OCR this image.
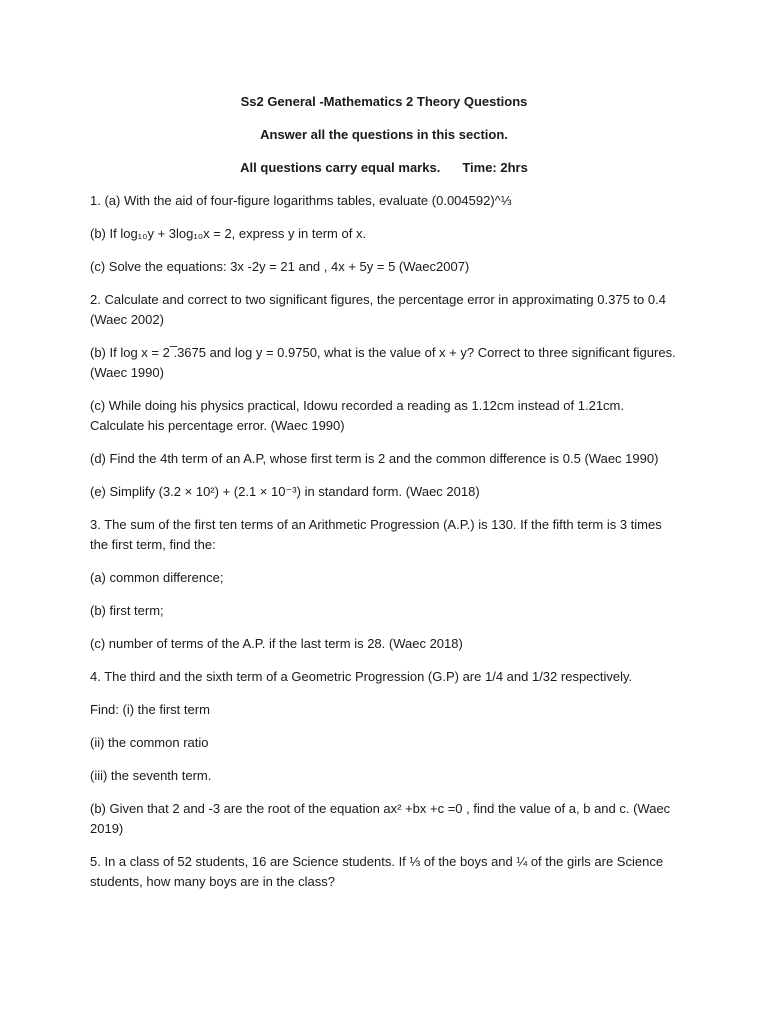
Ss2 General -Mathematics 2 Theory Questions
Answer all the questions in this section.
All questions carry equal marks. Time: 2hrs

1. (a) With the aid of four-figure logarithms tables, evaluate (0.004592)^⅓

(b) If log₁₀y + 3log₁₀x = 2, express y in term of x.

(c) Solve the equations: 3x -2y = 21 and , 4x + 5y = 5 (Waec2007)

2. Calculate and correct to two significant figures, the percentage error in approximating 0.375 to 0.4 (Waec 2002)

(b) If log x = 2 ̅.3675 and log y = 0.9750, what is the value of x + y? Correct to three significant figures. (Waec 1990)

(c) While doing his physics practical, Idowu recorded a reading as 1.12cm instead of 1.21cm. Calculate his percentage error. (Waec 1990)

(d) Find the 4th term of an A.P, whose first term is 2 and the common difference is 0.5 (Waec 1990)

(e) Simplify (3.2 × 10²) + (2.1 × 10⁻³) in standard form. (Waec 2018)

3. The sum of the first ten terms of an Arithmetic Progression (A.P.) is 130. If the fifth term is 3 times the first term, find the:

(a) common difference;

(b) first term;

(c) number of terms of the A.P. if the last term is 28. (Waec 2018)

4. The third and the sixth term of a Geometric Progression (G.P) are 1/4 and 1/32 respectively.

Find: (i) the first term

(ii) the common ratio

(iii) the seventh term.

(b) Given that 2 and -3 are the root of the equation ax² +bx +c =0 , find the value of a, b and c. (Waec 2019)

5. In a class of 52 students, 16 are Science students. If ⅓ of the boys and ¼ of the girls are Science students, how many boys are in the class?
